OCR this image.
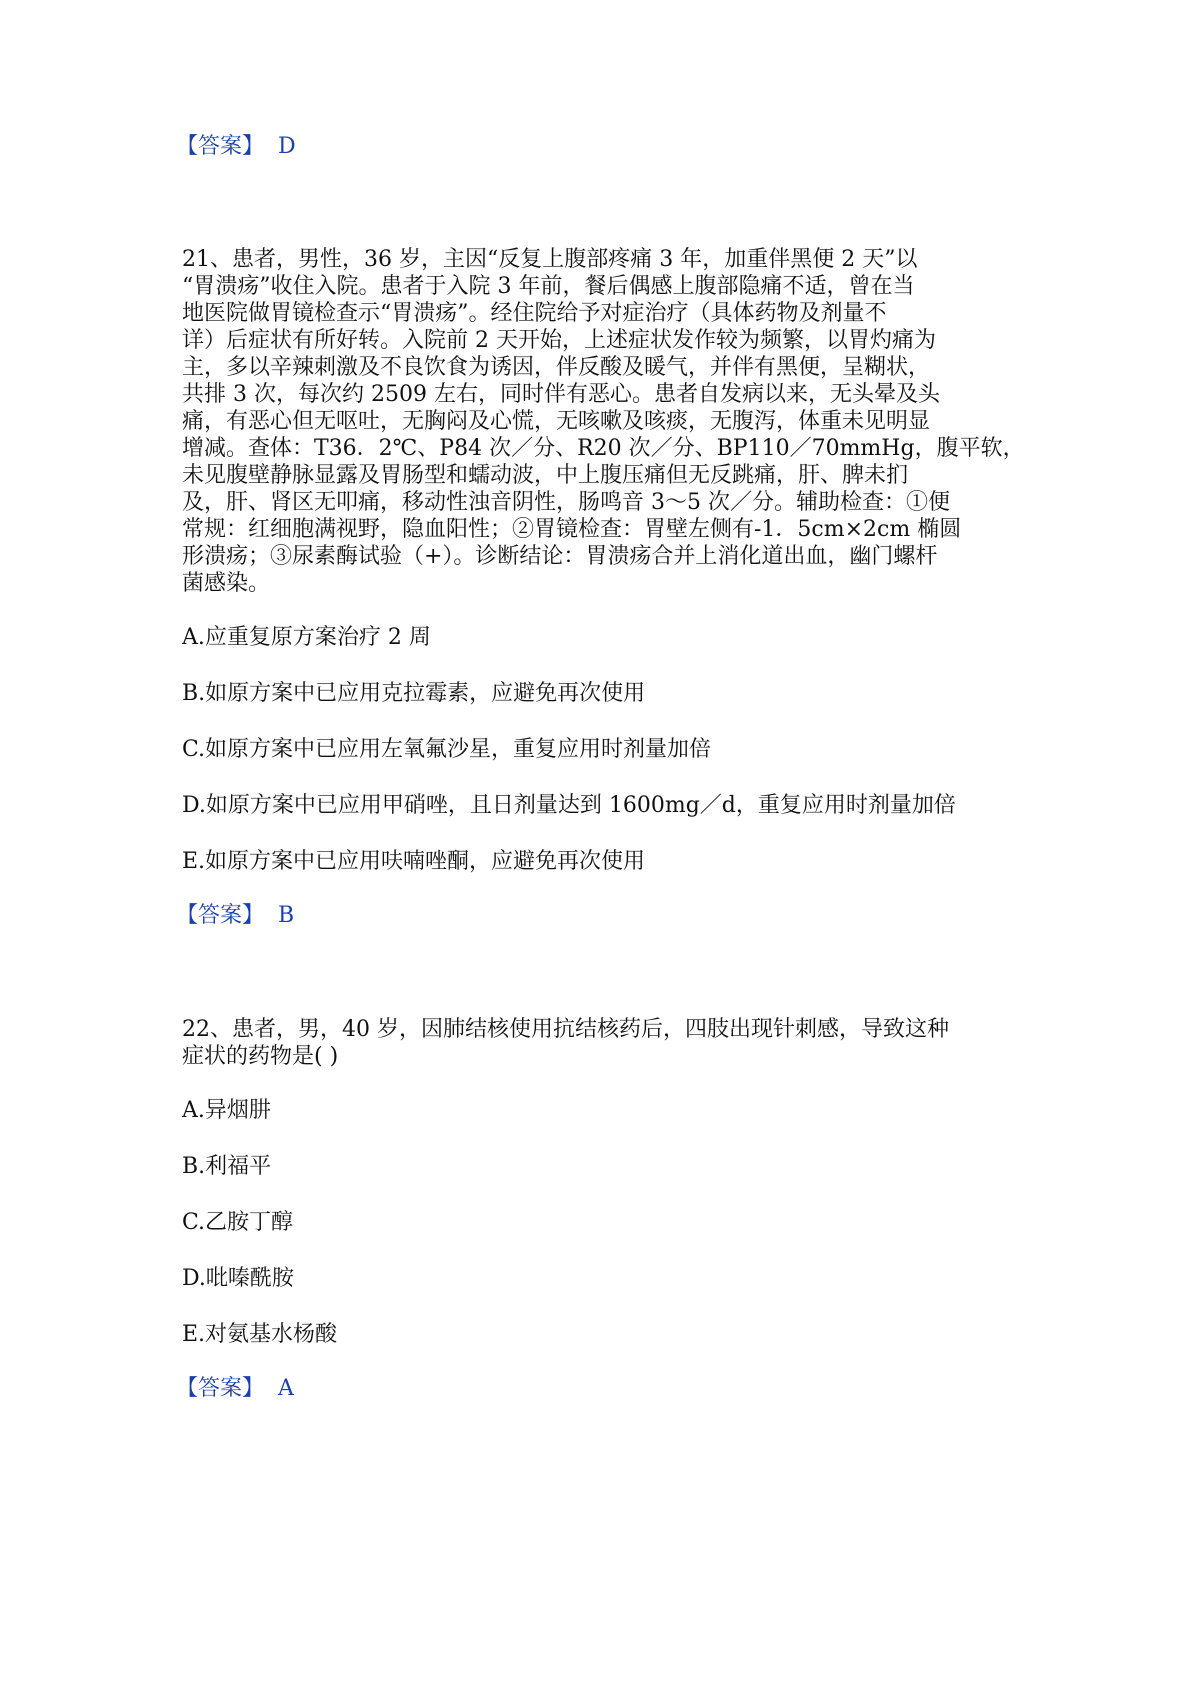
【答案】 D
21、患者，男性，36 岁，主因“反复上腹部疼痛 3 年，加重伴黑便 2 天”以
“胃溃疡”收住入院。患者于入院 3 年前，餐后偶感上腹部隐痛不适，曾在当
地医院做胃镜检查示“胃溃疡”。经住院给予对症治疗（具体药物及剂量不
详）后症状有所好转。入院前 2 天开始，上述症状发作较为频繁，以胃灼痛为
主，多以辛辣刺激及不良饮食为诱因，伴反酸及暖气，并伴有黑便，呈糊状，
共排 3 次，每次约 2509 左右，同时伴有恶心。患者自发病以来，无头晕及头
痛，有恶心但无呕吐，无胸闷及心慌，无咳嗽及咳痰，无腹泻，体重未见明显
增减。查体：T36．2℃、P84 次／分、R20 次／分、BP110／70mmHg，腹平软，
未见腹壁静脉显露及胃肠型和蠕动波，中上腹压痛但无反跳痛，肝、脾未扪
及，肝、肾区无叩痛，移动性浊音阴性，肠鸣音 3～5 次／分。辅助检查：①便
常规：红细胞满视野，隐血阳性；②胃镜检查：胃壁左侧有-1．5cm×2cm 椭圆
形溃疡；③尿素酶试验（+）。诊断结论：胃溃疡合并上消化道出血，幽门螺杆
菌感染。
A.应重复原方案治疗 2 周
B.如原方案中已应用克拉霉素，应避免再次使用
C.如原方案中已应用左氧氟沙星，重复应用时剂量加倍
D.如原方案中已应用甲硝唑，且日剂量达到 1600mg／d，重复应用时剂量加倍
E.如原方案中已应用呋喃唑酮，应避免再次使用
【答案】 B
22、患者，男，40 岁，因肺结核使用抗结核药后，四肢出现针刺感，导致这种
症状的药物是( )
A.异烟肼
B.利福平
C.乙胺丁醇
D.吡嗪酰胺
E.对氨基水杨酸
【答案】 A
